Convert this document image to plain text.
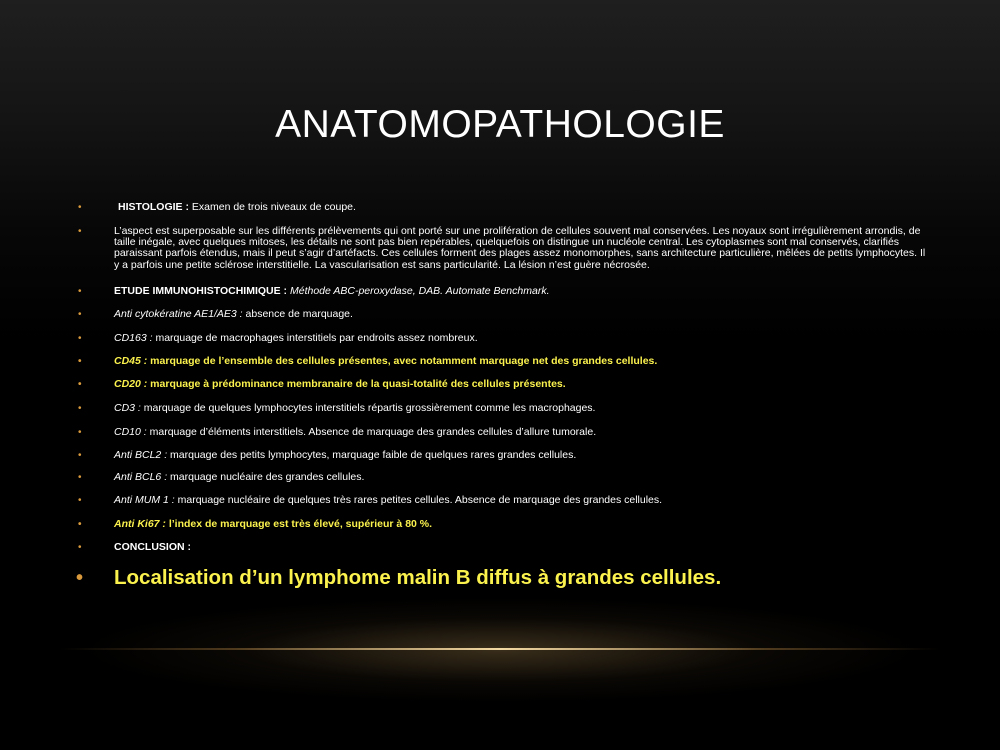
ANATOMOPATHOLOGIE
•	HISTOLOGIE : Examen de trois niveaux de coupe.
•	L’aspect est superposable sur les différents prélèvements qui ont porté sur une prolifération de cellules souvent mal conservées. Les noyaux sont irrégulièrement arrondis, de taille inégale, avec quelques mitoses, les détails ne sont pas bien repérables, quelquefois on distingue un nucléole central. Les cytoplasmes sont mal conservés, clarifiés paraissant parfois étendus, mais il peut s’agir d’artéfacts. Ces cellules forment des plages assez monomorphes, sans architecture particulière, mêlées de petits lymphocytes. Il y a parfois une petite sclérose interstitielle. La vascularisation est sans particularité. La lésion n’est guère nécrosée.
•	ETUDE IMMUNOHISTOCHIMIQUE : Méthode ABC-peroxydase, DAB. Automate Benchmark.
•	Anti cytokératine AE1/AE3 : absence de marquage.
•	CD163 : marquage de macrophages interstitiels par endroits assez nombreux.
•	CD45 : marquage de l’ensemble des cellules présentes, avec notamment marquage net des grandes cellules.
•	CD20 : marquage à prédominance membranaire de la quasi-totalité des cellules présentes.
•	CD3 : marquage de quelques lymphocytes interstitiels répartis grossièrement comme les macrophages.
•	CD10 : marquage d’éléments interstitiels. Absence de marquage des grandes cellules d’allure tumorale.
•	Anti BCL2 : marquage des petits lymphocytes, marquage faible de quelques rares grandes cellules.
•	Anti BCL6 : marquage nucléaire des grandes cellules.
•	Anti MUM 1 : marquage nucléaire de quelques très rares petites cellules. Absence de marquage des grandes cellules.
•	Anti Ki67 : l’index de marquage est très élevé, supérieur à 80 %.
•	CONCLUSION :
• Localisation d’un lymphome malin B diffus à grandes cellules.
